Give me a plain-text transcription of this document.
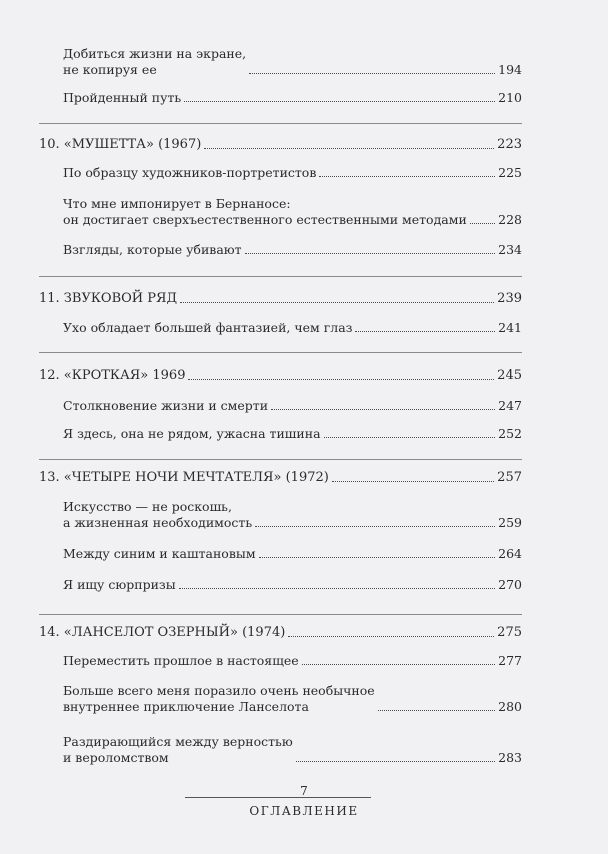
Добиться жизни на экране,
не копируя ее	194
Пройденный путь	210
10. «МУШЕТТА» (1967)	223
По образцу художников-портретистов	225
Что мне импонирует в Бернаносе:
он достигает сверхъестественного естественными методами	228
Взгляды, которые убивают	234
11. ЗВУКОВОЙ РЯД	239
Ухо обладает большей фантазией, чем глаз	241
12. «КРОТКАЯ» 1969	245
Столкновение жизни и смерти	247
Я здесь, она не рядом, ужасна тишина	252
13. «ЧЕТЫРЕ НОЧИ МЕЧТАТЕЛЯ» (1972)	257
Искусство — не роскошь,
а жизненная необходимость	259
Между синим и каштановым	264
Я ищу сюрпризы	270
14. «ЛАНСЕЛОТ ОЗЕРНЫЙ» (1974)	275
Переместить прошлое в настоящее	277
Больше всего меня поразило очень необычное
внутреннее приключение Ланселота	280
Раздирающийся между верностью
и вероломством	283
7
ОГЛАВЛЕНИЕ
